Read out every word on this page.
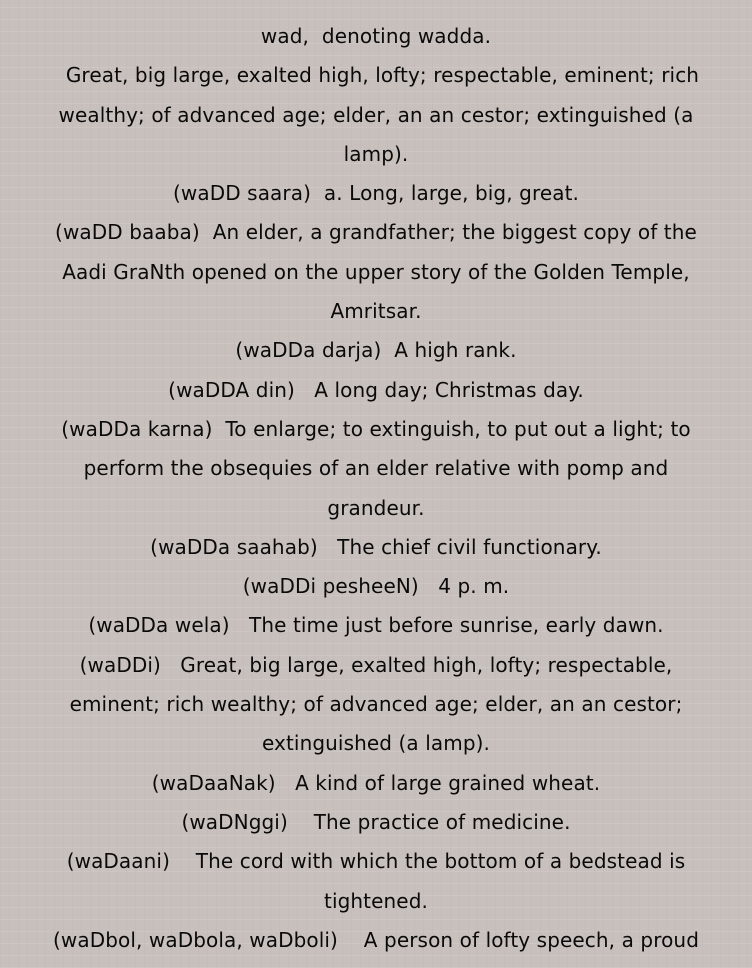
wad,  denoting wadda.
Great, big large, exalted high, lofty; respectable, eminent; rich
wealthy; of advanced age; elder, an an cestor; extinguished (a
lamp).
(waDD saara)  a. Long, large, big, great.
(waDD baaba)  An elder, a grandfather; the biggest copy of the
Aadi GraNth opened on the upper story of the Golden Temple,
Amritsar.
(waDDa darja)  A high rank.
(waDDA din)   A long day; Christmas day.
(waDDa karna)  To enlarge; to extinguish, to put out a light; to
perform the obsequies of an elder relative with pomp and
grandeur.
(waDDa saahab)   The chief civil functionary.
(waDDi pesheeN)   4 p. m.
(waDDa wela)   The time just before sunrise, early dawn.
(waDDi)   Great, big large, exalted high, lofty; respectable,
eminent; rich wealthy; of advanced age; elder, an an cestor;
extinguished (a lamp).
(waDaaNak)   A kind of large grained wheat.
(waDNggi)    The practice of medicine.
(waDaani)    The cord with which the bottom of a bedstead is
tightened.
(waDbol, waDbola, waDboli)    A person of lofty speech, a proud
